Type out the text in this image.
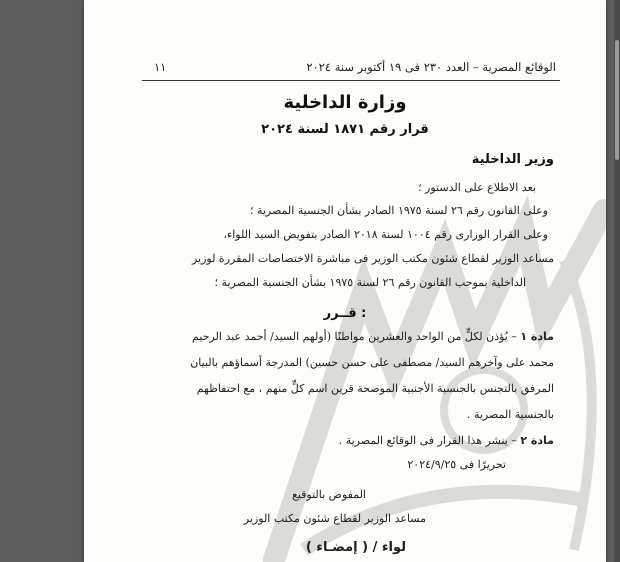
الوقائع المصرية – العدد ٢٣٠ فى ١٩ أكتوبر سنة ٢٠٢٤
١١
وزارة الداخلية
قرار رقم ١٨٧١ لسنة ٢٠٢٤
وزير الداخلية
بعد الاطلاع على الدستور ؛
وعلى القانون رقم ٢٦ لسنة ١٩٧٥ الصادر بشأن الجنسية المصرية ؛
وعلى القرار الوزارى رقم ١٠٠٤ لسنة ٢٠١٨ الصادر بتفويض السيد اللواء،
مساعد الوزير لقطاع شئون مكتب الوزير فى مباشرة الاختصاصات المقررة لوزير
الداخلية بموجب القانون رقم ٢٦ لسنة ١٩٧٥ بشأن الجنسية المصرية ؛
قــرر :
مادة ١ – يُؤذن لكلٍّ من الواحد والعشرين مواطنًا (أولهم السيد/ أحمد عبد الرحيم
محمد على وآخرهم السيد/ مصطفى على حسن حسين) المدرجة أسماؤهم بالبيان
المرفق بالتجنس بالجنسية الأجنبية الموضحة قرين اسم كلٍّ منهم ، مع احتفاظهم
بالجنسية المصرية .
مادة ٢ – ينشر هذا القرار فى الوقائع المصرية .
تحريرًا فى ٢٠٢٤/٩/٢٥
المفوض بالتوقيع
مساعد الوزير لقطاع شئون مكتب الوزير
لواء / ( إمضـاء )
